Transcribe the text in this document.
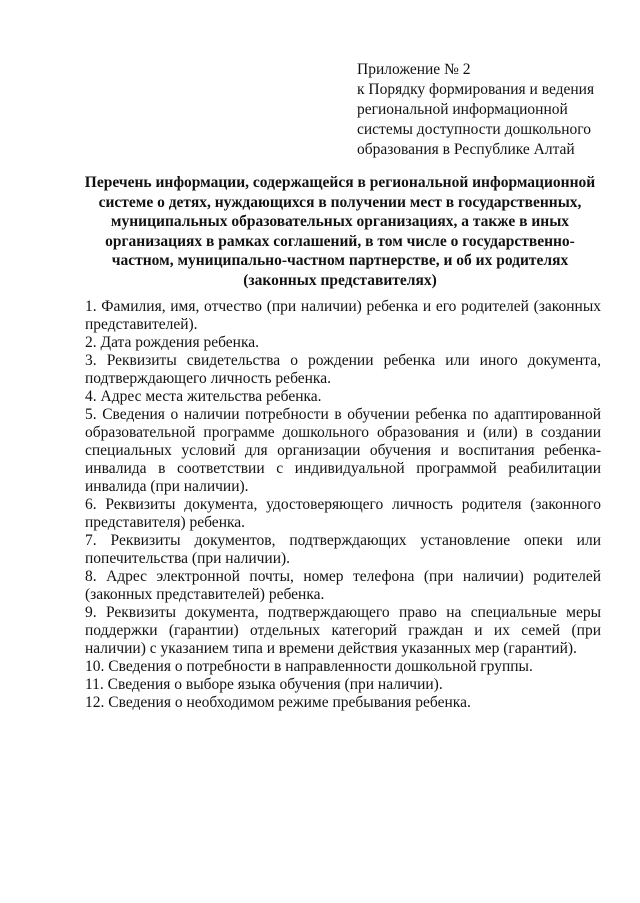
Приложение № 2
к Порядку формирования и ведения
региональной информационной
системы доступности дошкольного
образования в Республике Алтай
Перечень информации, содержащейся в региональной информационной
системе о детях, нуждающихся в получении мест в государственных,
муниципальных образовательных организациях, а также в иных
организациях в рамках соглашений, в том числе о государственно-
частном, муниципально-частном партнерстве, и об их родителях
(законных представителях)

1. Фамилия, имя, отчество (при наличии) ребенка и его родителей (законных представителей).

2. Дата рождения ребенка.

3. Реквизиты свидетельства о рождении ребенка или иного документа, подтверждающего личность ребенка.

4. Адрес места жительства ребенка.

5. Сведения о наличии потребности в обучении ребенка по адаптированной образовательной программе дошкольного образования и (или) в создании специальных условий для организации обучения и воспитания ребенка-инвалида в соответствии с индивидуальной программой реабилитации инвалида (при наличии).

6. Реквизиты документа, удостоверяющего личность родителя (законного представителя) ребенка.

7. Реквизиты документов, подтверждающих установление опеки или попечительства (при наличии).

8. Адрес электронной почты, номер телефона (при наличии) родителей (законных представителей) ребенка.

9. Реквизиты документа, подтверждающего право на специальные меры поддержки (гарантии) отдельных категорий граждан и их семей (при наличии) с указанием типа и времени действия указанных мер (гарантий).

10. Сведения о потребности в направленности дошкольной группы.

11. Сведения о выборе языка обучения (при наличии).

12. Сведения о необходимом режиме пребывания ребенка.
